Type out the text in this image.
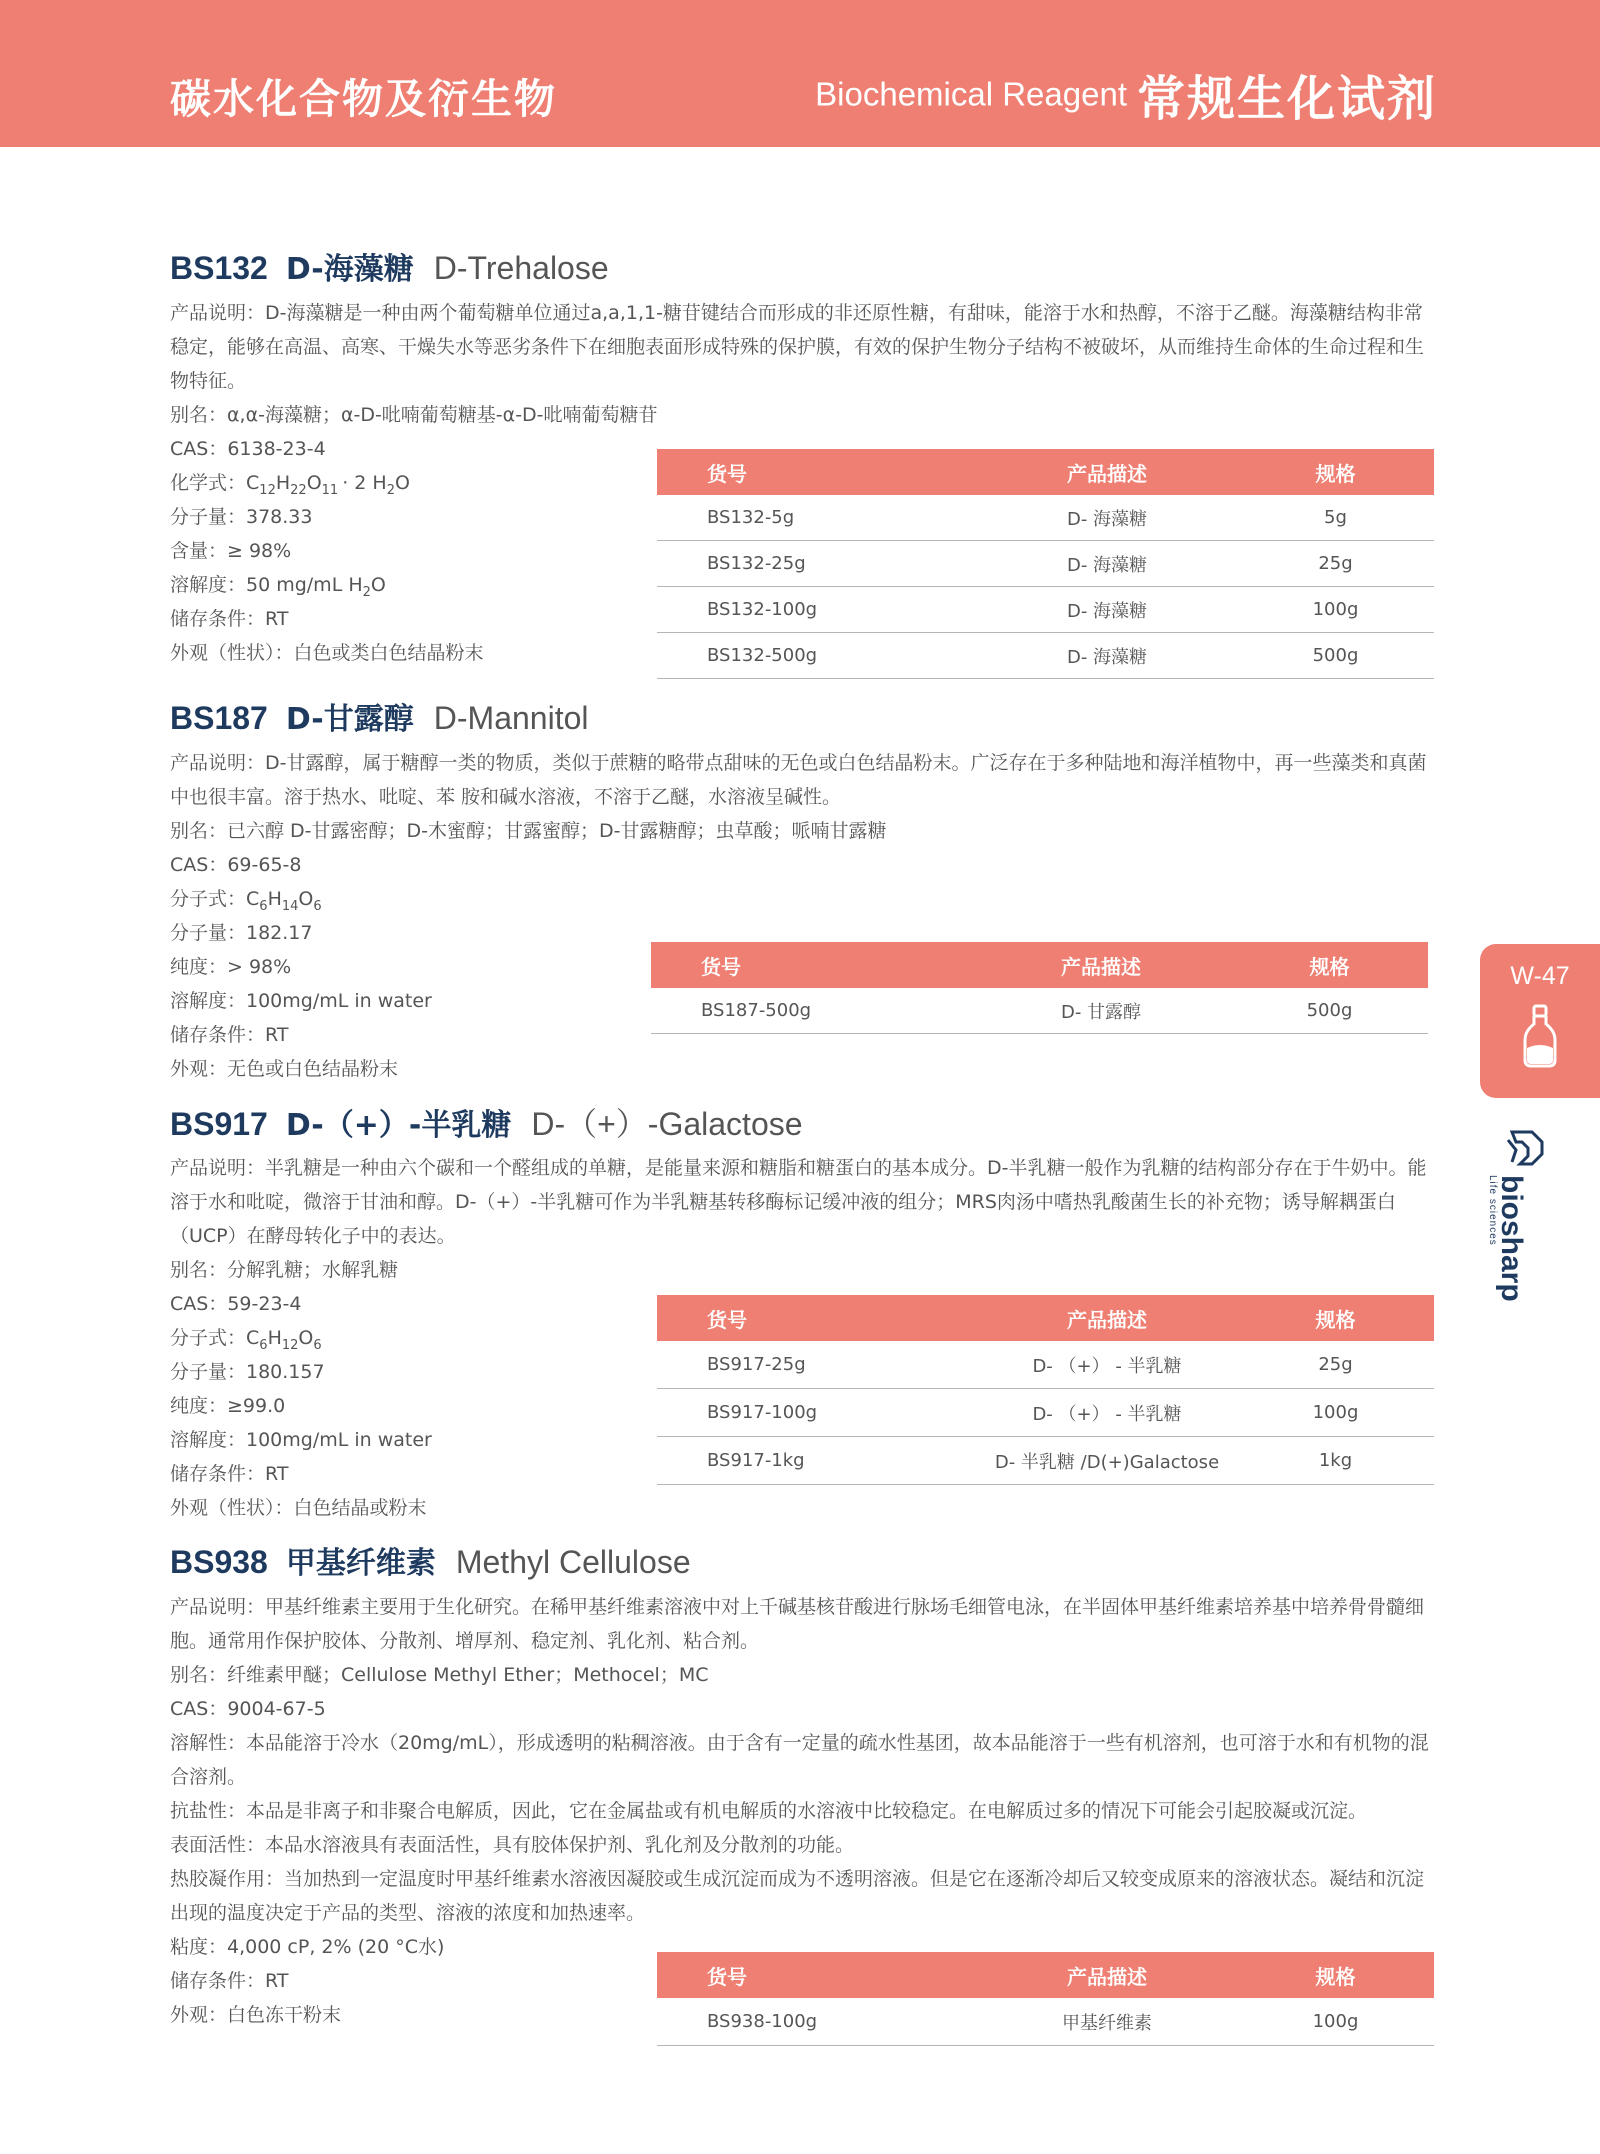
碳水化合物及衍生物	Biochemical Reagent 常规生化试剂
BS132 D-海藻糖 D-Trehalose
产品说明：D-海藻糖是一种由两个葡萄糖单位通过a,a,1,1-糖苷键结合而形成的非还原性糖，有甜味，能溶于水和热醇，不溶于乙醚。海藻糖结构非常稳定，能够在高温、高寒、干燥失水等恶劣条件下在细胞表面形成特殊的保护膜，有效的保护生物分子结构不被破坏，从而维持生命体的生命过程和生物特征。
别名：α,α-海藻糖；α-D-吡喃葡萄糖基-α-D-吡喃葡萄糖苷
CAS：6138-23-4
化学式：$C_{12}H_{22}O_{11} \cdot 2$ $H_2O$
分子量：378.33
含量：≥ 98%
溶解度：50 mg/mL $H_2O$
储存条件：RT
外观（性状）：白色或类白色结晶粉末
货号	产品描述	规格
BS132-5g	D- 海藻糖	5g
BS132-25g	D- 海藻糖	25g
BS132-100g	D- 海藻糖	100g
BS132-500g	D- 海藻糖	500g
BS187 D-甘露醇 D-Mannitol
产品说明：D-甘露醇，属于糖醇一类的物质，类似于蔗糖的略带点甜味的无色或白色结晶粉末。广泛存在于多种陆地和海洋植物中，再一些藻类和真菌中也很丰富。溶于热水、吡啶、苯 胺和碱水溶液，不溶于乙醚，水溶液呈碱性。
别名：已六醇 D-甘露密醇；D-木蜜醇；甘露蜜醇；D-甘露糖醇；虫草酸；哌喃甘露糖
CAS：69-65-8
分子式：$C_6H_{14}O_6$
分子量：182.17
纯度：> 98%
溶解度：100mg/mL in water
储存条件：RT
外观：无色或白色结晶粉末
货号	产品描述	规格
BS187-500g	D- 甘露醇	500g
BS917 D-（+）-半乳糖 D-（+）-Galactose
产品说明：半乳糖是一种由六个碳和一个醛组成的单糖，是能量来源和糖脂和糖蛋白的基本成分。D-半乳糖一般作为乳糖的结构部分存在于牛奶中。能溶于水和吡啶，微溶于甘油和醇。D-（+）-半乳糖可作为半乳糖基转移酶标记缓冲液的组分；MRS肉汤中嗜热乳酸菌生长的补充物；诱导解耦蛋白（UCP）在酵母转化子中的表达。
别名：分解乳糖；水解乳糖
CAS：59-23-4
分子式：$C_6H_{12}O_6$
分子量：180.157
纯度：≥99.0
溶解度：100mg/mL in water
储存条件：RT
外观（性状）：白色结晶或粉末
货号	产品描述	规格
BS917-25g	D- （+） - 半乳糖	25g
BS917-100g	D- （+） - 半乳糖	100g
BS917-1kg	D- 半乳糖 /D(+)Galactose	1kg
BS938 甲基纤维素 Methyl Cellulose
产品说明：甲基纤维素主要用于生化研究。在稀甲基纤维素溶液中对上千碱基核苷酸进行脉场毛细管电泳，在半固体甲基纤维素培养基中培养骨骨髓细胞。通常用作保护胶体、分散剂、增厚剂、稳定剂、乳化剂、粘合剂。
别名：纤维素甲醚；Cellulose Methyl Ether；Methocel；MC
CAS：9004-67-5
溶解性：本品能溶于冷水（20mg/mL），形成透明的粘稠溶液。由于含有一定量的疏水性基团，故本品能溶于一些有机溶剂，也可溶于水和有机物的混合溶剂。
抗盐性：本品是非离子和非聚合电解质，因此，它在金属盐或有机电解质的水溶液中比较稳定。在电解质过多的情况下可能会引起胶凝或沉淀。
表面活性：本品水溶液具有表面活性，具有胶体保护剂、乳化剂及分散剂的功能。
热胶凝作用：当加热到一定温度时甲基纤维素水溶液因凝胶或生成沉淀而成为不透明溶液。但是它在逐渐冷却后又较变成原来的溶液状态。凝结和沉淀出现的温度决定于产品的类型、溶液的浓度和加热速率。
粘度：4,000 cP, 2% (20 °C水)
储存条件：RT
外观：白色冻干粉末
货号	产品描述	规格
BS938-100g	甲基纤维素	100g
W-47
biosharp
Life sciences
